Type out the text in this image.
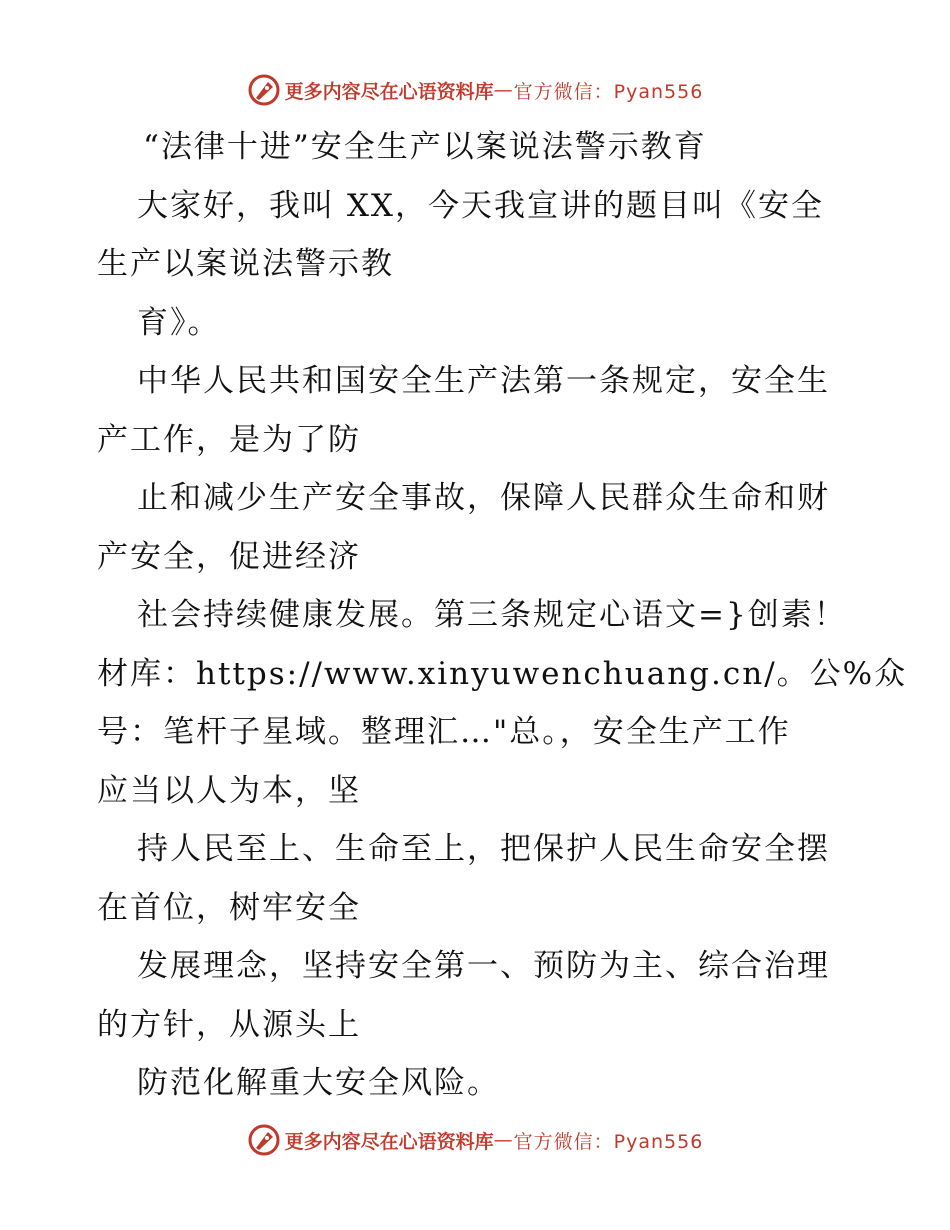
更多内容尽在心语资料库 — 官方微信：Pyan556
“法律十进”安全生产以案说法警示教育
大家好，我叫 XX，今天我宣讲的题目叫《安全
生产以案说法警示教
育》。
中华人民共和国安全生产法第一条规定，安全生
产工作，是为了防
止和减少生产安全事故，保障人民群众生命和财
产安全，促进经济
社会持续健康发展。第三条规定心语文=}创素！
材库：https://www.xinyuwenchuang.cn/。公%众
号：笔杆子星域。整理汇…"总。，安全生产工作
应当以人为本，坚
持人民至上、生命至上，把保护人民生命安全摆
在首位，树牢安全
发展理念，坚持安全第一、预防为主、综合治理
的方针，从源头上
防范化解重大安全风险。
更多内容尽在心语资料库 — 官方微信：Pyan556
